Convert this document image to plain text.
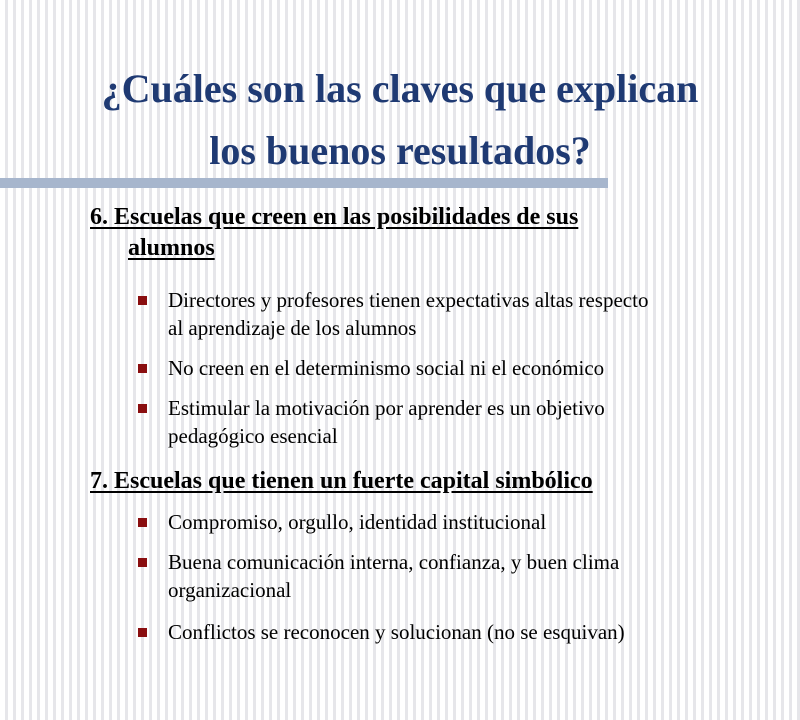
¿Cuáles son las claves que explican
los buenos resultados?
6. Escuelas que creen en las posibilidades de sus
alumnos
Directores y profesores tienen expectativas altas respecto
al aprendizaje de los alumnos
No creen en el determinismo social ni el económico
Estimular la motivación por aprender es un objetivo
pedagógico esencial
7. Escuelas que tienen un fuerte capital simbólico
Compromiso, orgullo, identidad institucional
Buena comunicación interna, confianza, y buen clima
organizacional
Conflictos se reconocen y solucionan (no se esquivan)
